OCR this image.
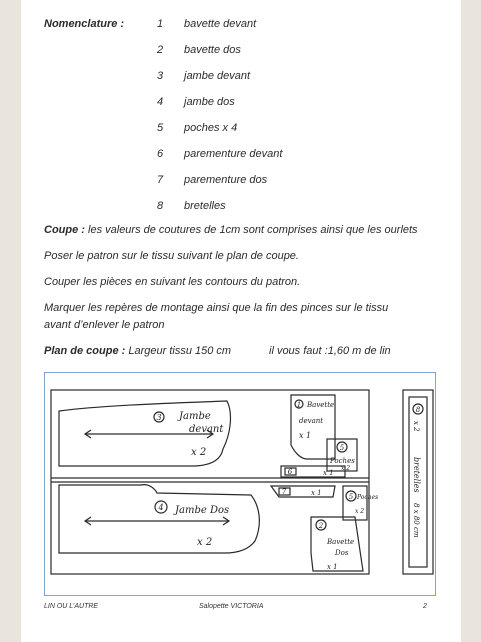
Nomenclature :	1 bavette devant
2 bavette dos
3 jambe devant
4 jambe dos
5 poches x 4
6 parementure devant
7 parementure dos
8 bretelles
Coupe : les valeurs de coutures de 1cm sont comprises ainsi que les ourlets
Poser le patron sur le tissu suivant le plan de coupe.
Couper les pièces en suivant les contours du patron.
Marquer les repères de montage ainsi que la fin des pinces sur le tissu
avant d’enlever le patron
Plan de coupe : Largeur tissu 150 cm	il vous faut :1,60 m de lin
3 Jambe
devant
x 2
1 Bavette
devant
x 1
5
Poches
x 2
6	x 1
4 Jambe Dos
x 2
7	x 1	5 Poches
x 2
2
Bavette
Dos
x 1
8
x 2
bretelles
8 x 80 cm
LIN OU L’AUTRE	Salopette VICTORIA	2
